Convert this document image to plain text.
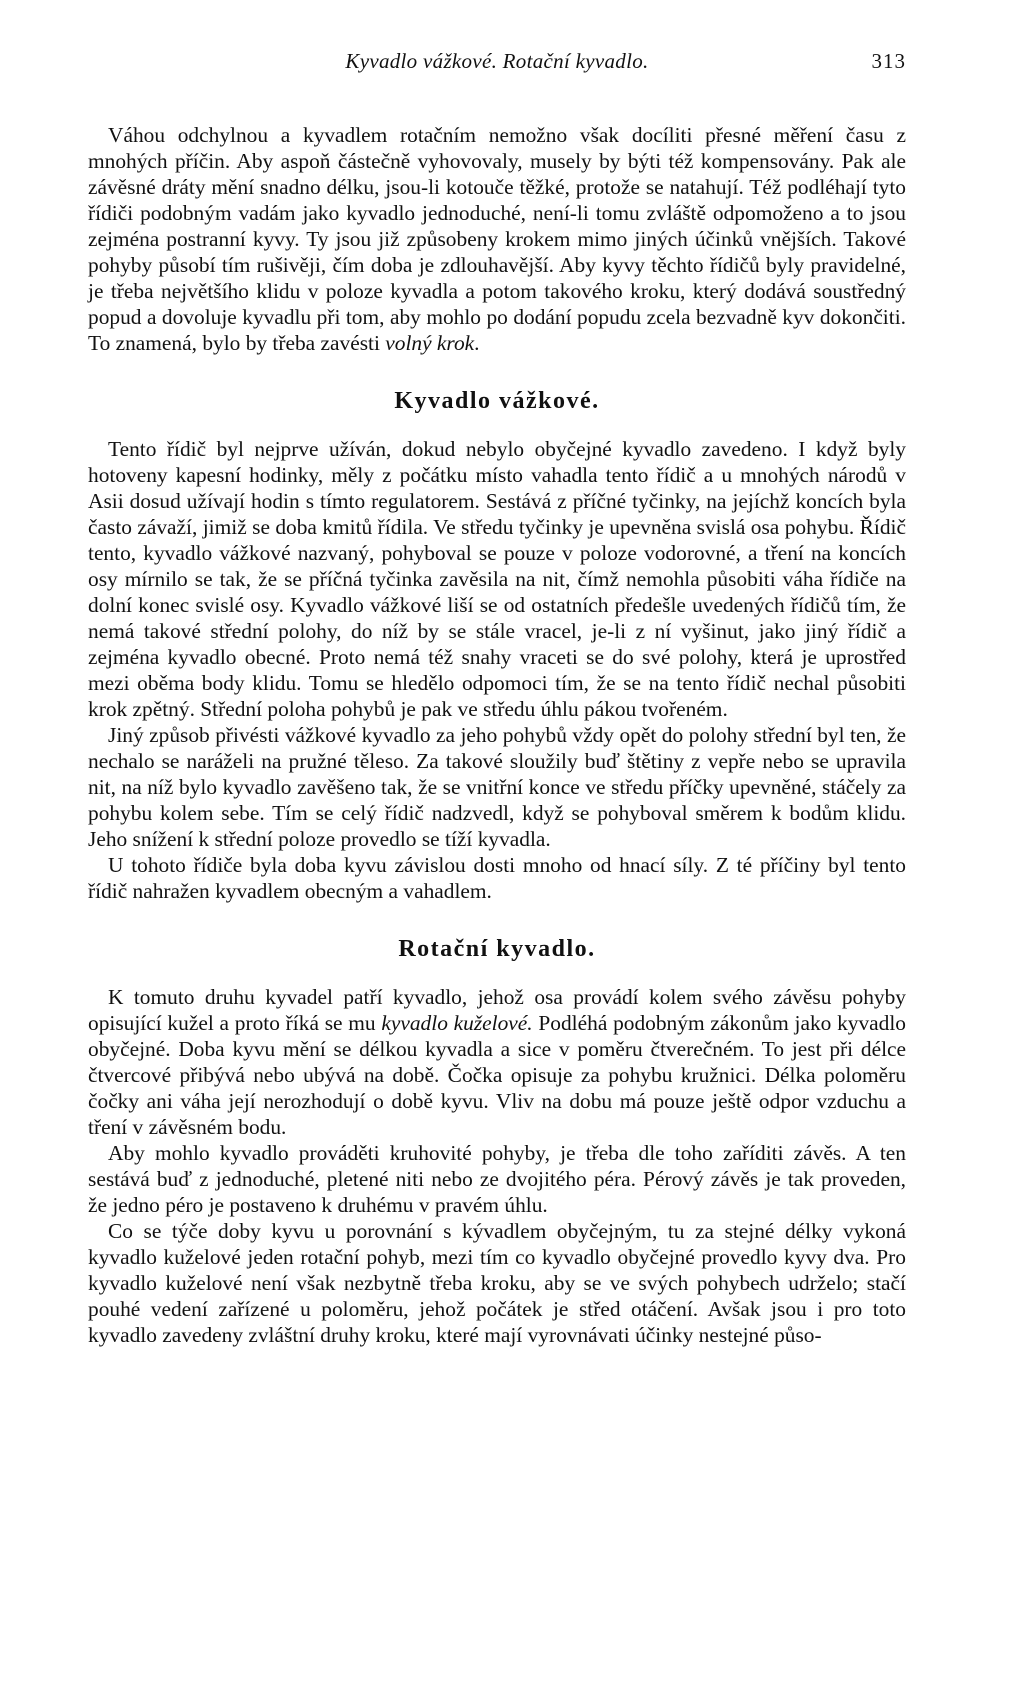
Kyvadlo vážkové. Rotační kyvadlo.	313

Váhou odchylnou a kyvadlem rotačním nemožno však docíliti přesné měření času z mnohých příčin. Aby aspoň částečně vyhovovaly, musely by býti též kompensovány. Pak ale závěsné dráty mění snadno délku, jsou-li kotouče těžké, protože se natahují. Též podléhají tyto řídiči podobným vadám jako kyvadlo jednoduché, není-li tomu zvláště odpomoženo a to jsou zejména postranní kyvy. Ty jsou již způsobeny krokem mimo jiných účinků vnějších. Takové pohyby působí tím rušivěji, čím doba je zdlouhavější. Aby kyvy těchto řídičů byly pravidelné, je třeba největšího klidu v poloze kyvadla a potom takového kroku, který dodává soustředný popud a dovoluje kyvadlu při tom, aby mohlo po dodání popudu zcela bezvadně kyv dokončiti. To znamená, bylo by třeba zavésti volný krok.

Kyvadlo vážkové.

Tento řídič byl nejprve užíván, dokud nebylo obyčejné kyvadlo zavedeno. I když byly hotoveny kapesní hodinky, měly z počátku místo vahadla tento řídič a u mnohých národů v Asii dosud užívají hodin s tímto regulatorem. Sestává z příčné tyčinky, na jejíchž koncích byla často závaží, jimiž se doba kmitů řídila. Ve středu tyčinky je upevněna svislá osa pohybu. Řídič tento, kyvadlo vážkové nazvaný, pohyboval se pouze v poloze vodorovné, a tření na koncích osy mírnilo se tak, že se příčná tyčinka zavěsila na nit, čímž nemohla působiti váha řídiče na dolní konec svislé osy. Kyvadlo vážkové liší se od ostatních předešle uvedených řídičů tím, že nemá takové střední polohy, do níž by se stále vracel, je-li z ní vyšinut, jako jiný řídič a zejména kyvadlo obecné. Proto nemá též snahy vraceti se do své polohy, která je uprostřed mezi oběma body klidu. Tomu se hledělo odpomoci tím, že se na tento řídič nechal působiti krok zpětný. Střední poloha pohybů je pak ve středu úhlu pákou tvořeném.

Jiný způsob přivésti vážkové kyvadlo za jeho pohybů vždy opět do polohy střední byl ten, že nechalo se naráželi na pružné těleso. Za takové sloužily buď štětiny z vepře nebo se upravila nit, na níž bylo kyvadlo zavěšeno tak, že se vnitřní konce ve středu příčky upevněné, stáčely za pohybu kolem sebe. Tím se celý řídič nadzvedl, když se pohyboval směrem k bodům klidu. Jeho snížení k střední poloze provedlo se tíží kyvadla.

U tohoto řídiče byla doba kyvu závislou dosti mnoho od hnací síly. Z té příčiny byl tento řídič nahražen kyvadlem obecným a vahadlem.

Rotační kyvadlo.

K tomuto druhu kyvadel patří kyvadlo, jehož osa provádí kolem svého závěsu pohyby opisující kužel a proto říká se mu kyvadlo kuželové. Podléhá podobným zákonům jako kyvadlo obyčejné. Doba kyvu mění se délkou kyvadla a sice v poměru čtverečném. To jest při délce čtvercové přibývá nebo ubývá na době. Čočka opisuje za pohybu kružnici. Délka poloměru čočky ani váha její nerozhodují o době kyvu. Vliv na dobu má pouze ještě odpor vzduchu a tření v závěsném bodu.

Aby mohlo kyvadlo prováděti kruhovité pohyby, je třeba dle toho zaříditi závěs. A ten sestává buď z jednoduché, pletené niti nebo ze dvojitého péra. Pérový závěs je tak proveden, že jedno péro je postaveno k druhému v pravém úhlu.

Co se týče doby kyvu u porovnání s kývadlem obyčejným, tu za stejné délky vykoná kyvadlo kuželové jeden rotační pohyb, mezi tím co kyvadlo obyčejné provedlo kyvy dva. Pro kyvadlo kuželové není však nezbytně třeba kroku, aby se ve svých pohybech udrželo; stačí pouhé vedení zařízené u poloměru, jehož počátek je střed otáčení. Avšak jsou i pro toto kyvadlo zavedeny zvláštní druhy kroku, které mají vyrovnávati účinky nestejné půso-
